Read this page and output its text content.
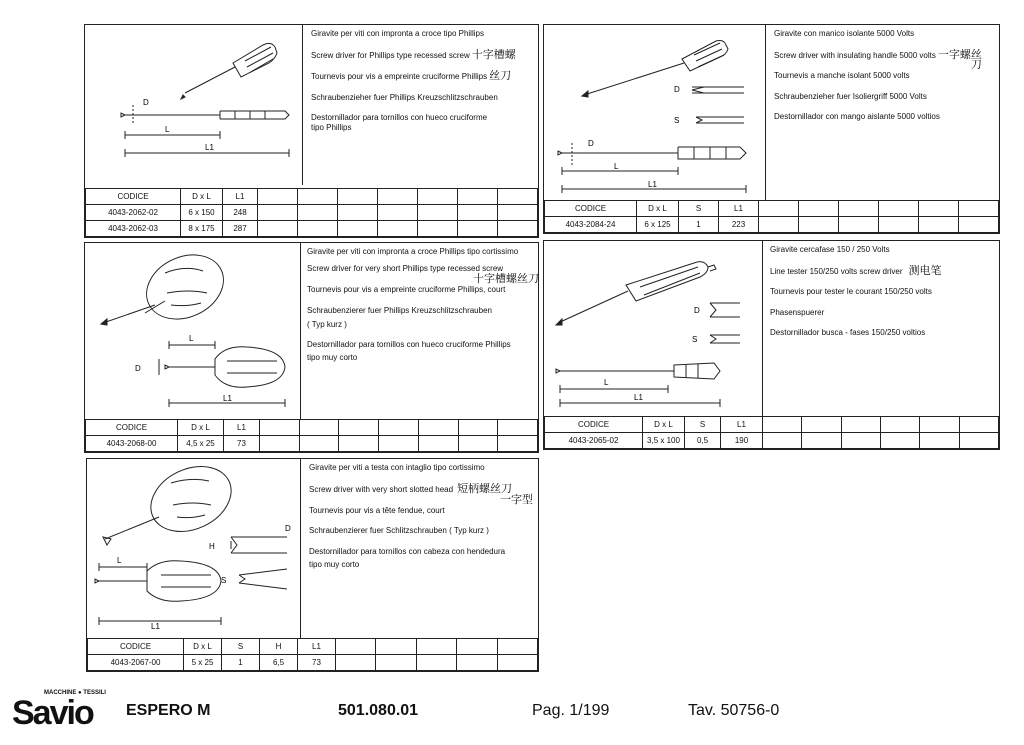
D
L
L1
Giravite per viti con impronta a croce tipo Phillips
Screw driver for Phillips type recessed screw 十字槽螺
Tournevis pour vis a empreinte cruciforme Phillips 丝刀
Schraubenzieher fuer Phillips Kreuzschlitzschrauben
Destornillador para tornillos con hueco cruciforme
tipo Phillips
CODICE	D x L	L1							
4043-2062-02	6 x 150	248							
4043-2062-03	8 x 175	287							
D
S
D
L
L1
Giravite con manico isolante 5000 Volts
Screw driver with insulating handle 5000 volts 一字螺丝
刀
Tournevis a manche isolant 5000 volts
Schraubenzieher fuer Isoliergriff 5000 Volts
Destornillador con mango aislante 5000 voltios
CODICE	D x L	S	L1						
4043-2084-24	6 x 125	1	223						
D
L
L1
Giravite per viti con impronta a croce Phillips tipo cortissimo
Screw driver for very short Phillips type recessed screw
十字槽螺丝刀
Tournevis pour vis a empreinte cruciforme Phillips, court
Schraubenzierer fuer Phillips Kreuzschlitzschrauben
( Typ kurz )
Destornillador para tornillos con hueco cruciforme Phillips
tipo muy corto
CODICE	D x L	L1							
4043-2068-00	4,5 x 25	73							
D
S
L
L1
Giravite cercafase 150 / 250 Volts
Line tester 150/250 volts screw driver 测电笔
Tournevis pour tester le courant 150/250 volts
Phasenspuerer
Destornillador busca - fases 150/250 voltios
CODICE	D x L	S	L1						
4043-2065-02	3,5 x 100	0,5	190						
D
H
S
L
L1
Giravite per viti a testa con intaglio tipo cortissimo
Screw driver with very short slotted head 短柄螺丝刀
一字型
Tournevis pour vis a tête fendue, court
Schraubenzierer fuer Schlitzschrauben ( Typ kurz )
Destornillador para tornillos con cabeza con hendedura
tipo muy corto
CODICE	D x L	S	H	L1					
4043-2067-00	5 x 25	1	6,5	73					
MACCHINE ● TESSILI
Savio ESPERO M	501.080.01	Pag. 1/199	Tav. 50756-0
